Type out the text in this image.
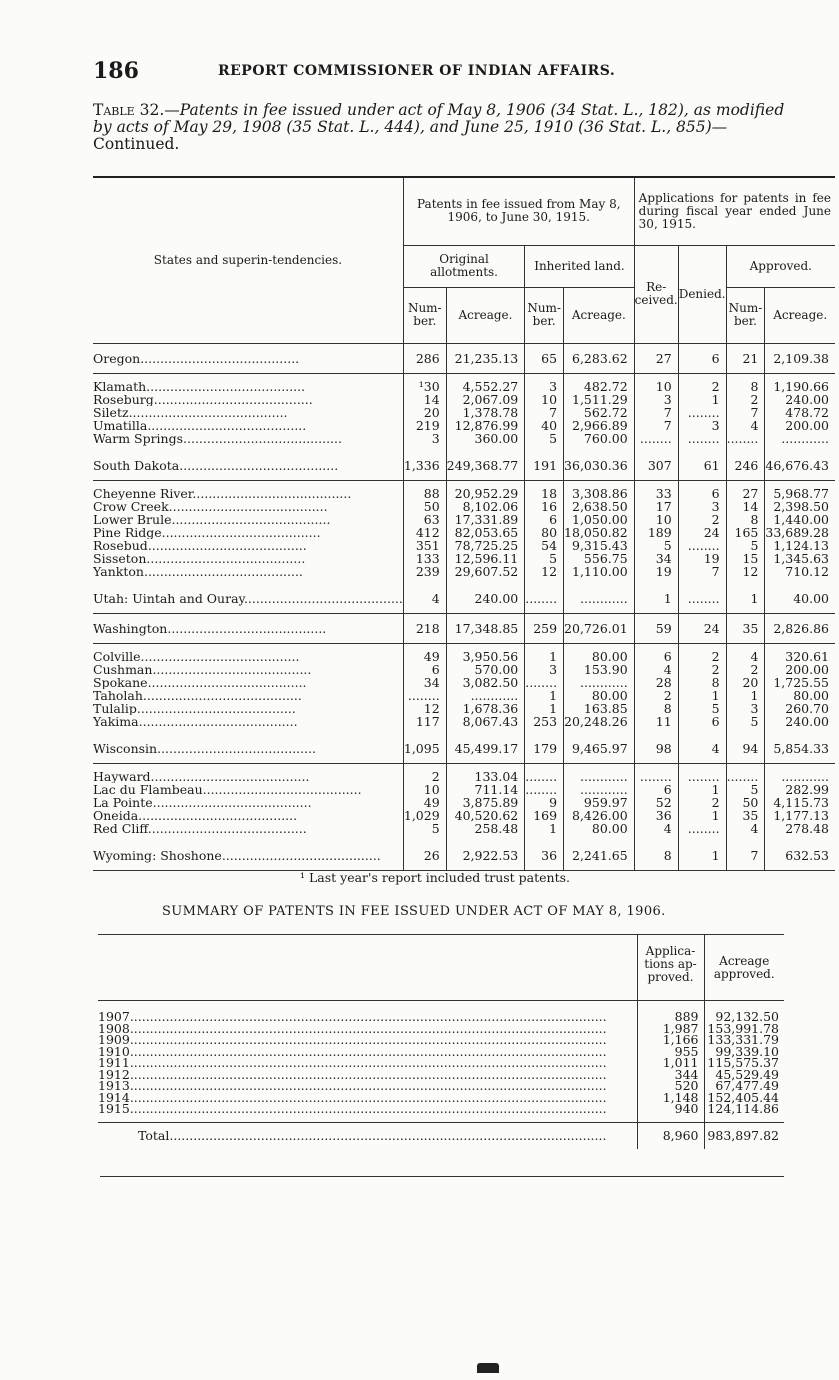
186	REPORT COMMISSIONER OF INDIAN AFFAIRS.
Table 32.—Patents in fee issued under act of May 8, 1906 (34 Stat. L., 182), as modified by acts of May 29, 1908 (35 Stat. L., 444), and June 25, 1910 (36 Stat. L., 855)—
Continued.
States and superin-tendencies.	Patents in fee issued from May 8, 1906, to June 30, 1915.				Applications for patents in fee during fiscal year ended June 30, 1915.			
	Original allotments.		Inherited land.		Re-ceived.	Denied.	Approved.	
	Num-ber.	Acreage.	Num-ber.	Acreage.			Num-ber.	Acreage.
Oregon........................................	286	21,235.13	65	6,283.62	27	6	21	2,109.38
Klamath........................................	¹30	4,552.27	3	482.72	10	2	8	1,190.66
Roseburg........................................	14	2,067.09	10	1,511.29	3	1	2	240.00
Siletz........................................	20	1,378.78	7	562.72	7	........	7	478.72
Umatilla........................................	219	12,876.99	40	2,966.89	7	3	4	200.00
Warm Springs........................................	3	360.00	5	760.00	........	........	........	............
South Dakota........................................	1,336	249,368.77	191	36,030.36	307	61	246	46,676.43
Cheyenne River........................................	88	20,952.29	18	3,308.86	33	6	27	5,968.77
Crow Creek........................................	50	8,102.06	16	2,638.50	17	3	14	2,398.50
Lower Brule........................................	63	17,331.89	6	1,050.00	10	2	8	1,440.00
Pine Ridge........................................	412	82,053.65	80	18,050.82	189	24	165	33,689.28
Rosebud........................................	351	78,725.25	54	9,315.43	5	........	5	1,124.13
Sisseton........................................	133	12,596.11	5	556.75	34	19	15	1,345.63
Yankton........................................	239	29,607.52	12	1,110.00	19	7	12	710.12
Utah: Uintah and Ouray........................................	4	240.00	........	............	1	........	1	40.00
Washington........................................	218	17,348.85	259	20,726.01	59	24	35	2,826.86
Colville........................................	49	3,950.56	1	80.00	6	2	4	320.61
Cushman........................................	6	570.00	3	153.90	4	2	2	200.00
Spokane........................................	34	3,082.50	........	............	28	8	20	1,725.55
Taholah........................................	........	............	1	80.00	2	1	1	80.00
Tulalip........................................	12	1,678.36	1	163.85	8	5	3	260.70
Yakima........................................	117	8,067.43	253	20,248.26	11	6	5	240.00
Wisconsin........................................	1,095	45,499.17	179	9,465.97	98	4	94	5,854.33
Hayward........................................	2	133.04	........	............	........	........	........	............
Lac du Flambeau........................................	10	711.14	........	............	6	1	5	282.99
La Pointe........................................	49	3,875.89	9	959.97	52	2	50	4,115.73
Oneida........................................	1,029	40,520.62	169	8,426.00	36	1	35	1,177.13
Red Cliff........................................	5	258.48	1	80.00	4	........	4	278.48
Wyoming: Shoshone........................................	26	2,922.53	36	2,241.65	8	1	7	632.53
¹ Last year's report included trust patents.
SUMMARY OF PATENTS IN FEE ISSUED UNDER ACT OF MAY 8, 1906.
	Applica-tions ap-proved.	Acreage approved.
1907........................................................................................................................	889	92,132.50
1908........................................................................................................................	1,987	153,991.78
1909........................................................................................................................	1,166	133,331.79
1910........................................................................................................................	955	99,339.10
1911........................................................................................................................	1,011	115,575.37
1912........................................................................................................................	344	45,529.49
1913........................................................................................................................	520	67,477.49
1914........................................................................................................................	1,148	152,405.44
1915........................................................................................................................	940	124,114.86

Total..............................................................................................................	8,960	983,897.82
